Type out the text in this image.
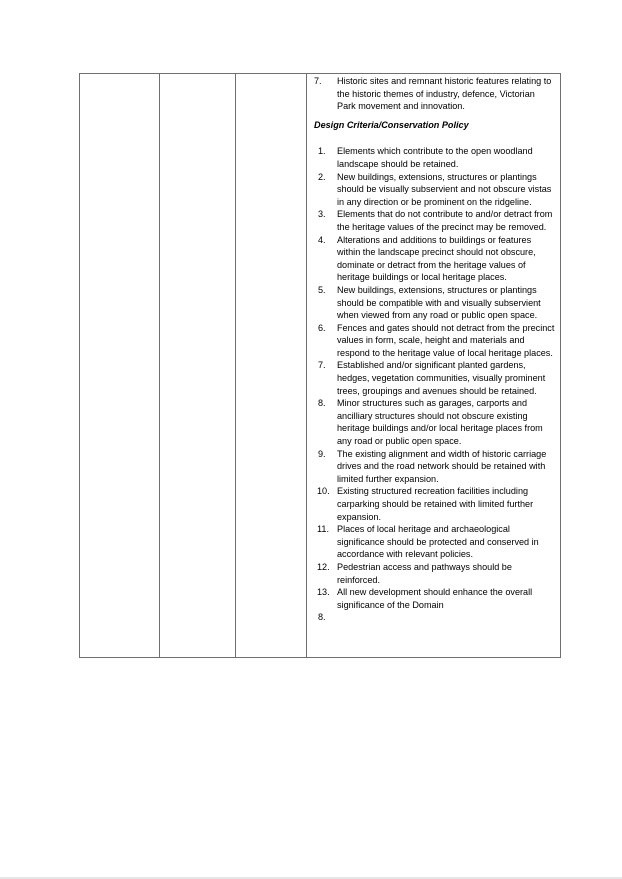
7. Historic sites and remnant historic features relating to the historic themes of industry, defence, Victorian Park movement and innovation.
Design Criteria/Conservation Policy
1. Elements which contribute to the open woodland landscape should be retained.
2. New buildings, extensions, structures or plantings should be visually subservient and not obscure vistas in any direction or be prominent on the ridgeline.
3. Elements that do not contribute to and/or detract from the heritage values of the precinct may be removed.
4. Alterations and additions to buildings or features within the landscape precinct should not obscure, dominate or detract from the heritage values of heritage buildings or local heritage places.
5. New buildings, extensions, structures or plantings should be compatible with and visually subservient when viewed from any road or public open space.
6. Fences and gates should not detract from the precinct values in form, scale, height and materials and respond to the heritage value of local heritage places.
7. Established and/or significant planted gardens, hedges, vegetation communities, visually prominent trees, groupings and avenues should be retained.
8. Minor structures such as garages, carports and ancilliary structures should not obscure existing heritage buildings and/or local heritage places from any road or public open space.
9. The existing alignment and width of historic carriage drives and the road network should be retained with limited further expansion.
10. Existing structured recreation facilities including carparking should be retained with limited further expansion.
11. Places of local heritage and archaeological significance should be protected and conserved in accordance with relevant policies.
12. Pedestrian access and pathways should be reinforced.
13. All new development should enhance the overall significance of the Domain
8.
